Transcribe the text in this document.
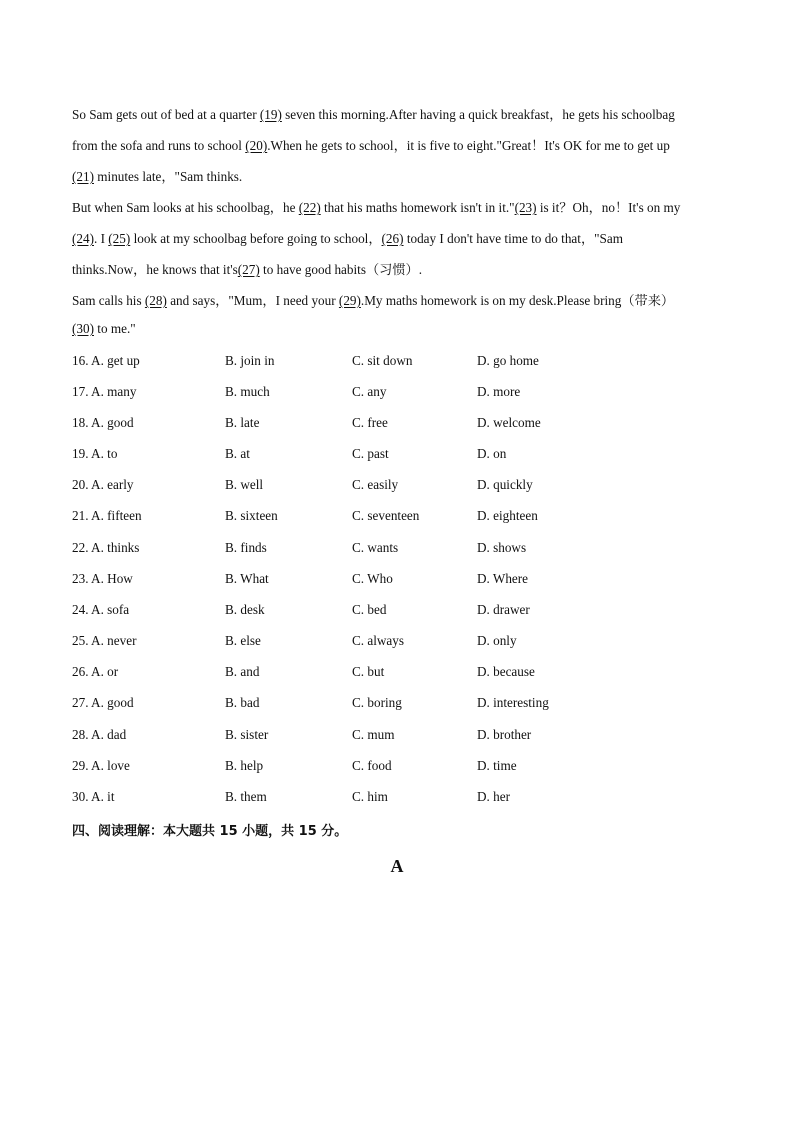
So Sam gets out of bed at a quarter (19) seven this morning.After having a quick breakfast，he gets his schoolbag
from the sofa and runs to school (20).When he gets to school，it is five to eight."Great！It's OK for me to get up
(21) minutes late，"Sam thinks.
But when Sam looks at his schoolbag，he (22) that his maths homework isn't in it."(23) is it？Oh，no！It's on my
(24). I (25) look at my schoolbag before going to school，(26) today I don't have time to do that，"Sam
thinks.Now，he knows that it's(27) to have good habits（习惯）.
Sam calls his (28) and says，"Mum，I need your (29).My maths homework is on my desk.Please bring（带来）
(30) to me."
16. A. get up	B. join in	C. sit down	D. go home
17. A. many	B. much	C. any	D. more
18. A. good	B. late	C. free	D. welcome
19. A. to	B. at	C. past	D. on
20. A. early	B. well	C. easily	D. quickly
21. A. fifteen	B. sixteen	C. seventeen	D. eighteen
22. A. thinks	B. finds	C. wants	D. shows
23. A. How	B. What	C. Who	D. Where
24. A. sofa	B. desk	C. bed	D. drawer
25. A. never	B. else	C. always	D. only
26. A. or	B. and	C. but	D. because
27. A. good	B. bad	C. boring	D. interesting
28. A. dad	B. sister	C. mum	D. brother
29. A. love	B. help	C. food	D. time
30. A. it	B. them	C. him	D. her
四、阅读理解：本大题共 15 小题，共 15 分。
A
